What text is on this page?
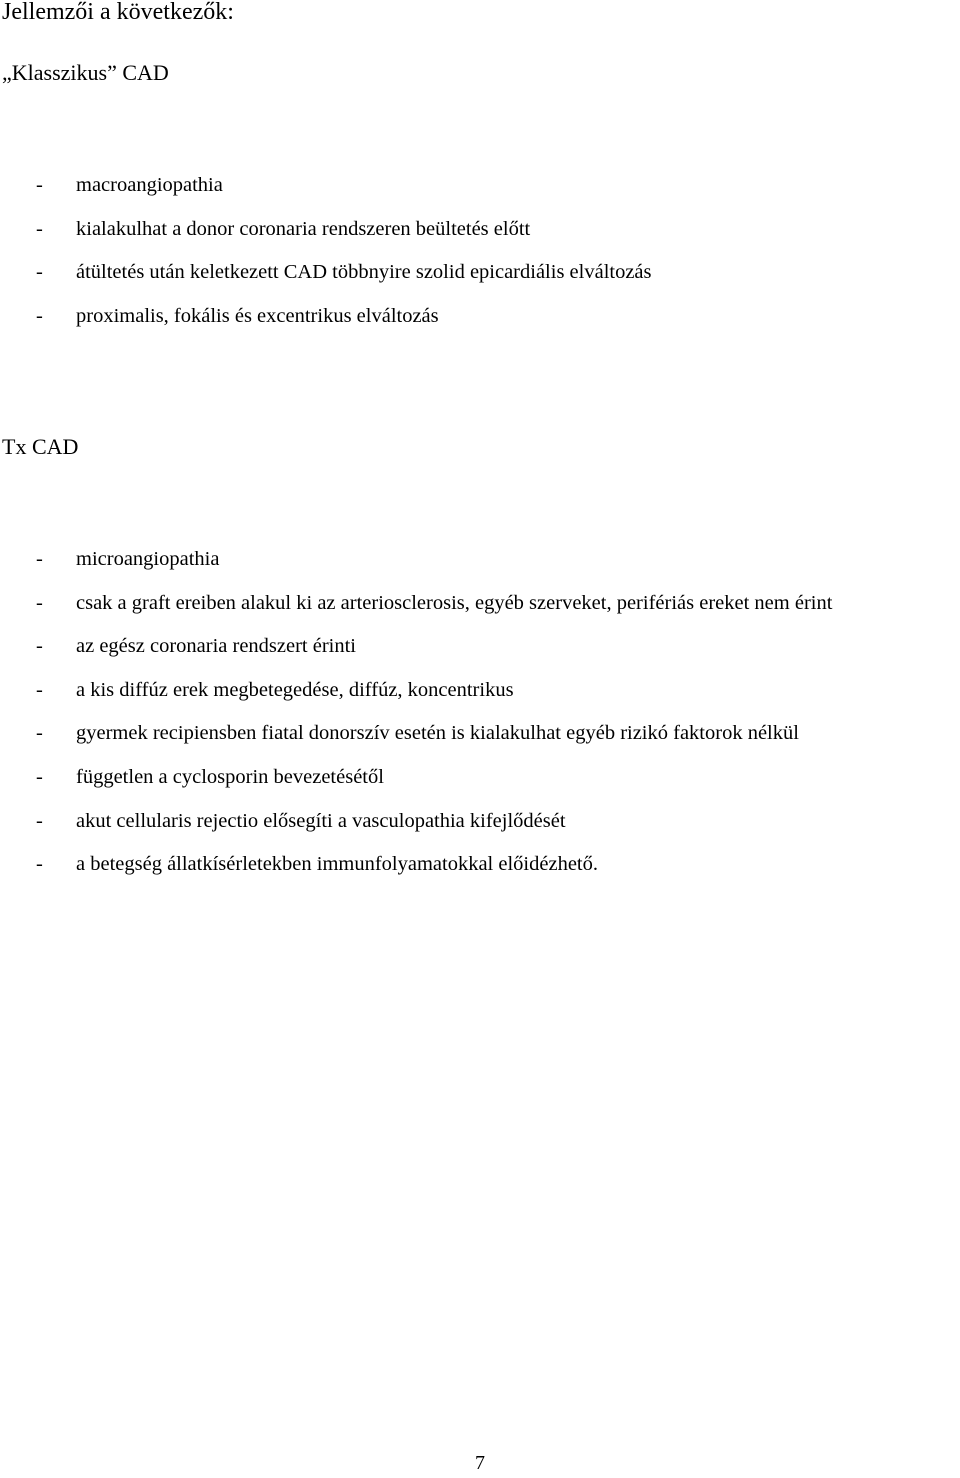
Jellemzői a következők:
„Klasszikus” CAD
- macroangiopathia
- kialakulhat a donor coronaria rendszeren beültetés előtt
- átültetés után keletkezett CAD többnyire szolid epicardiális elváltozás
- proximalis, fokális és excentrikus elváltozás
Tx CAD
- microangiopathia
- csak a graft ereiben alakul ki az arteriosclerosis, egyéb szerveket, perifériás ereket nem érint
- az egész coronaria rendszert érinti
- a kis diffúz erek megbetegedése, diffúz, koncentrikus
- gyermek recipiensben fiatal donorszív esetén is kialakulhat egyéb rizikó faktorok nélkül
- független a cyclosporin bevezetésétől
- akut cellularis rejectio elősegíti a vasculopathia kifejlődését
- a betegség állatkísérletekben immunfolyamatokkal előidézhető.
7
